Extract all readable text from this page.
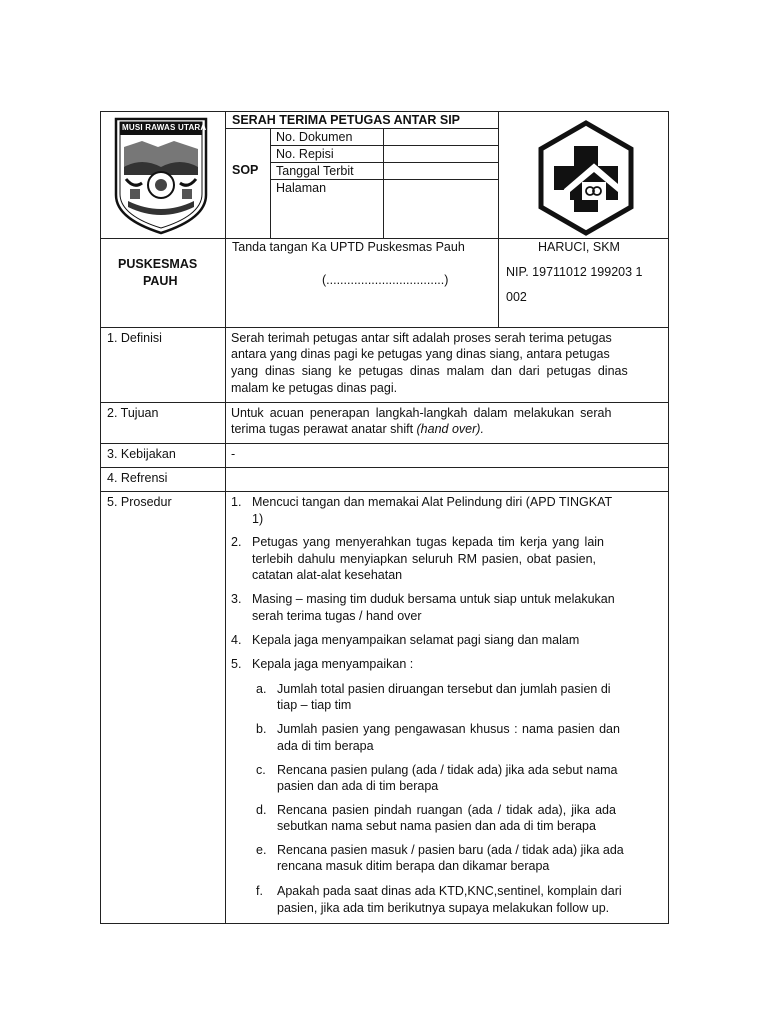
MUSI RAWAS UTARA
SERAH TERIMA PETUGAS ANTAR SIP
SOP
No. Dokumen
No. Repisi
Tanggal Terbit
Halaman
PUSKESMAS
PAUH
Tanda tangan Ka UPTD Puskesmas Pauh
(..................................)
HARUCI, SKM
NIP. 19711012 199203 1
002
1. Definisi
2. Tujuan
3. Kebijakan
4. Refrensi
5. Prosedur
Serah terimah petugas antar sift adalah proses serah terima petugas
antara yang dinas pagi ke petugas yang dinas siang, antara petugas
yang dinas siang ke petugas dinas malam dan dari petugas dinas
malam ke petugas dinas pagi.
Untuk acuan penerapan langkah-langkah dalam melakukan serah
terima tugas perawat anatar shift (hand over).
-
1. Mencuci tangan dan memakai Alat Pelindung diri (APD TINGKAT
1)
2. Petugas yang menyerahkan tugas kepada tim kerja yang lain
terlebih dahulu menyiapkan seluruh RM pasien, obat pasien,
catatan alat-alat kesehatan
3. Masing – masing tim duduk bersama untuk siap untuk melakukan
serah terima tugas / hand over
4. Kepala jaga menyampaikan selamat pagi siang dan malam
5. Kepala jaga menyampaikan :
a. Jumlah total pasien diruangan tersebut dan jumlah pasien di
tiap – tiap tim
b. Jumlah pasien yang pengawasan khusus : nama pasien dan
ada di tim berapa
c. Rencana pasien pulang (ada / tidak ada) jika ada sebut nama
pasien dan ada di tim berapa
d. Rencana pasien pindah ruangan (ada / tidak ada), jika ada
sebutkan nama sebut nama pasien dan ada di tim berapa
e. Rencana pasien masuk / pasien baru (ada / tidak ada) jika ada
rencana masuk ditim berapa dan dikamar berapa
f. Apakah pada saat dinas ada KTD,KNC,sentinel, komplain dari
pasien, jika ada tim berikutnya supaya melakukan follow up.
